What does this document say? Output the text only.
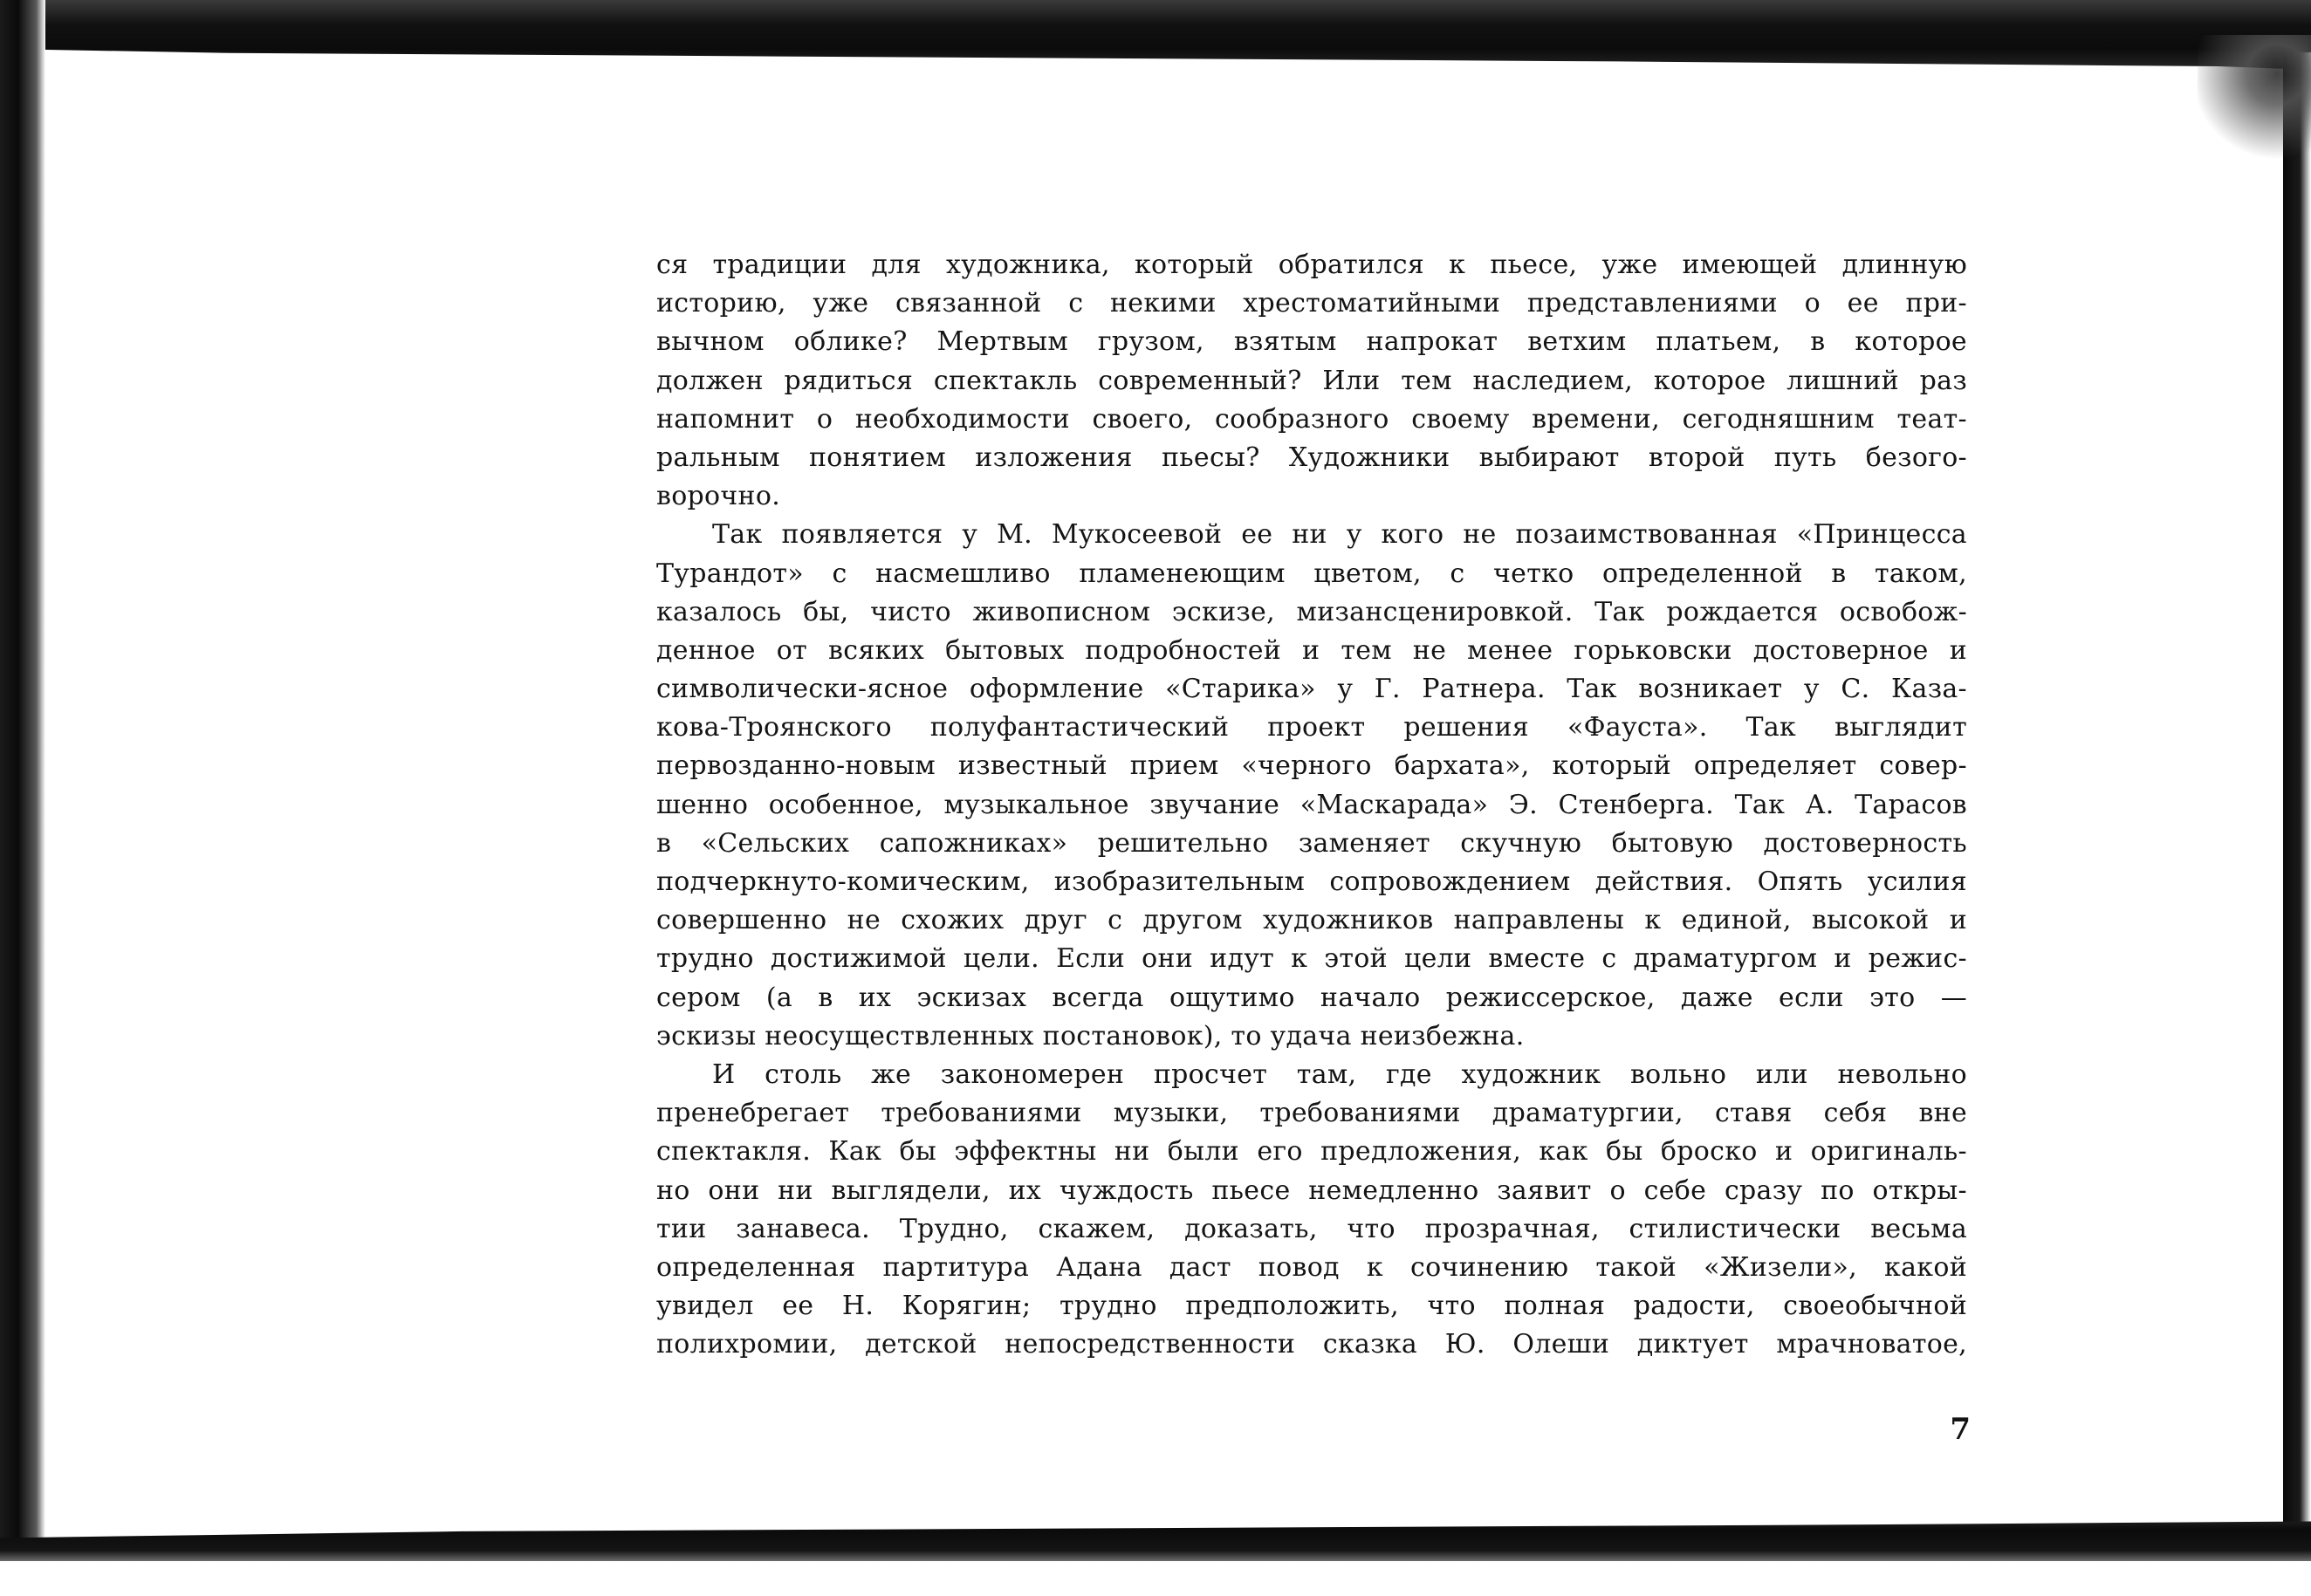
ся традиции для художника, который обратился к пьесе, уже имеющей длинную
историю, уже связанной с некими хрестоматийными представлениями о ее при-
вычном облике? Мертвым грузом, взятым напрокат ветхим платьем, в которое
должен рядиться спектакль современный? Или тем наследием, которое лишний раз
напомнит о необходимости своего, сообразного своему времени, сегодняшним теат-
ральным понятием изложения пьесы? Художники выбирают второй путь безого-
ворочно.
Так появляется у М. Мукосеевой ее ни у кого не позаимствованная «Принцесса
Турандот» с насмешливо пламенеющим цветом, с четко определенной в таком,
казалось бы, чисто живописном эскизе, мизансценировкой. Так рождается освобож-
денное от всяких бытовых подробностей и тем не менее горьковски достоверное и
символически-ясное оформление «Старика» у Г. Ратнера. Так возникает у С. Каза-
кова-Троянского полуфантастический проект решения «Фауста». Так выглядит
первозданно-новым известный прием «черного бархата», который определяет совер-
шенно особенное, музыкальное звучание «Маскарада» Э. Стенберга. Так А. Тарасов
в «Сельских сапожниках» решительно заменяет скучную бытовую достоверность
подчеркнуто-комическим, изобразительным сопровождением действия. Опять усилия
совершенно не схожих друг с другом художников направлены к единой, высокой и
трудно достижимой цели. Если они идут к этой цели вместе с драматургом и режис-
сером (а в их эскизах всегда ощутимо начало режиссерское, даже если это —
эскизы неосуществленных постановок), то удача неизбежна.
И столь же закономерен просчет там, где художник вольно или невольно
пренебрегает требованиями музыки, требованиями драматургии, ставя себя вне
спектакля. Как бы эффектны ни были его предложения, как бы броско и оригиналь-
но они ни выглядели, их чуждость пьесе немедленно заявит о себе сразу по откры-
тии занавеса. Трудно, скажем, доказать, что прозрачная, стилистически весьма
определенная партитура Адана даст повод к сочинению такой «Жизели», какой
увидел ее Н. Корягин; трудно предположить, что полная радости, своеобычной
полихромии, детской непосредственности сказка Ю. Олеши диктует мрачноватое,
7
